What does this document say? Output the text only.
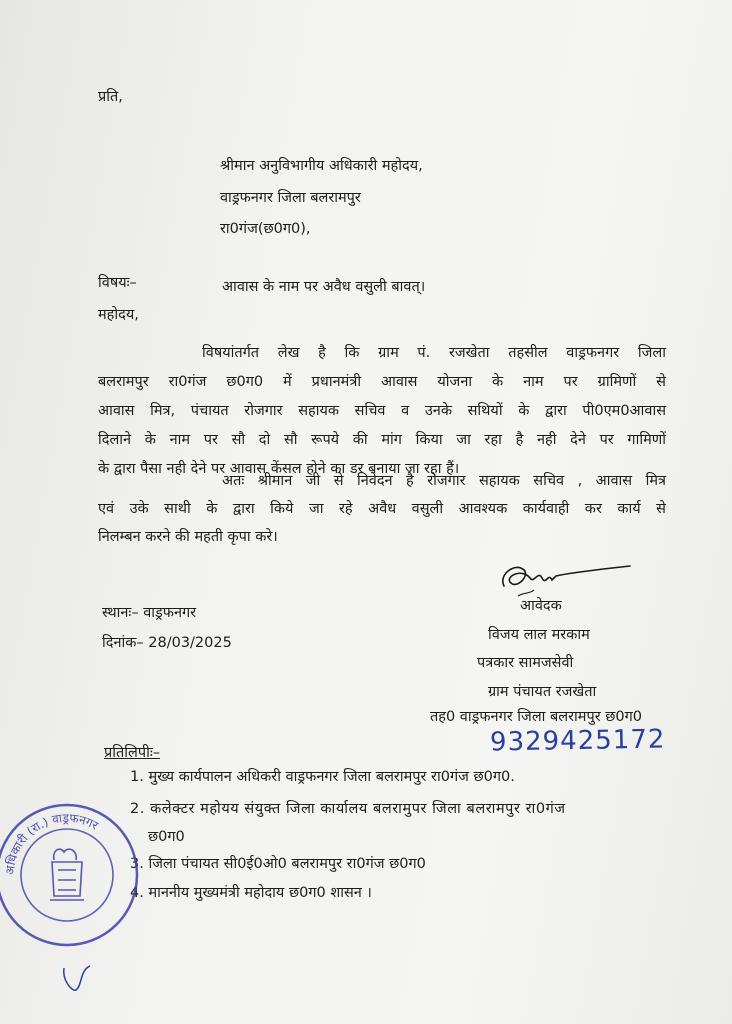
प्रति,
श्रीमान अनुविभागीय अधिकारी महोदय,
वाड्रफनगर जिला बलरामपुर
रा0गंज(छ0ग0),
विषयः–	आवास के नाम पर अवैध वसुली बावत्।
महोदय,

विषयांतर्गत लेख है कि ग्राम पं. रजखेता तहसील वाड्रफनगर जिला

बलरामपुर रा0गंज छ0ग0 में प्रधानमंत्री आवास योजना के नाम पर ग्रामिणों से

आवास मित्र, पंचायत रोजगार सहायक सचिव व उनके सथियों के द्वारा पी0एम0आवास

दिलाने के नाम पर सौ दो सौ रूपये की मांग किया जा रहा है नही देने पर गामिणों

के द्वारा पैसा नही देने पर आवास केंसल होने का डर बनाया जा रहा हैं।

अतः श्रीमान जी से निवेदन है रोजगार सहायक सचिव , आवास मित्र

एवं उके साथी के द्वारा किये जा रहे अवैध वसुली आवश्यक कार्यवाही कर कार्य से

निलम्बन करने की महती कृपा करे।

आवेदक
स्थानः– वाड्रफनगर
दिनांक– 28/03/2025	विजय लाल मरकाम
पत्रकार सामजसेवी
ग्राम पंचायत रजखेता
तह0 वाड्रफनगर जिला बलरामपुर छ0ग0
9329425172
प्रतिलिपीः–
1. मुख्य कार्यपालन अधिकरी वाड्रफनगर जिला बलरामपुर रा0गंज छ0ग0.
2. कलेक्टर महोयय संयुक्त जिला कार्यालय बलरामुपर जिला बलरामपुर रा0गंज
छ0ग0
3. जिला पंचायत सी0ई0ओ0 बलरामपुर रा0गंज छ0ग0
4. माननीय मुख्यमंत्री महोदाय छ0ग0 शासन ।
अधिकारी (रा.) वाड्रफनगर
